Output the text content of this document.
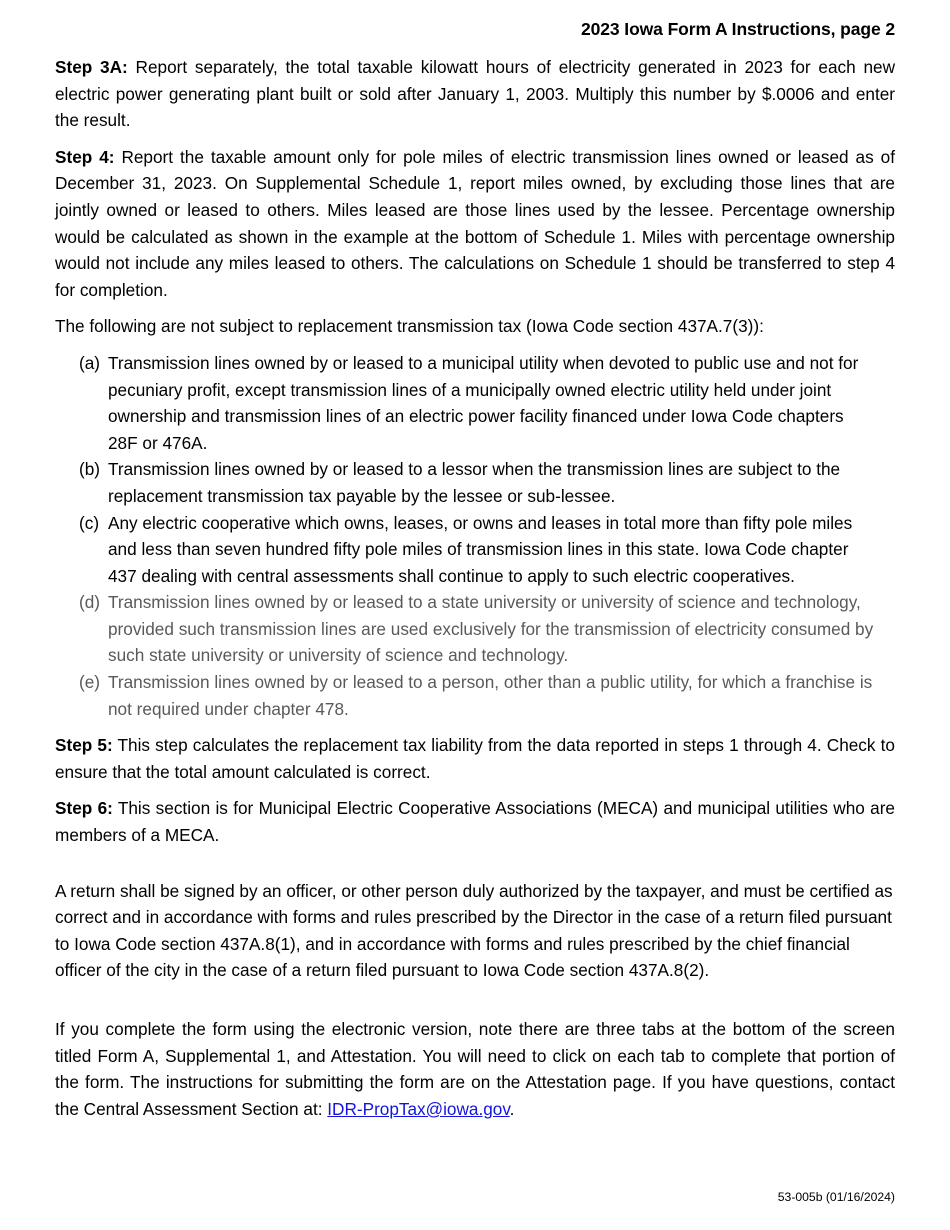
2023 Iowa Form A Instructions, page 2

Step 3A: Report separately, the total taxable kilowatt hours of electricity generated in 2023 for each new electric power generating plant built or sold after January 1, 2003. Multiply this number by $.0006 and enter the result.

Step 4: Report the taxable amount only for pole miles of electric transmission lines owned or leased as of December 31, 2023. On Supplemental Schedule 1, report miles owned, by excluding those lines that are jointly owned or leased to others. Miles leased are those lines used by the lessee. Percentage ownership would be calculated as shown in the example at the bottom of Schedule 1. Miles with percentage ownership would not include any miles leased to others. The calculations on Schedule 1 should be transferred to step 4 for completion.

The following are not subject to replacement transmission tax (Iowa Code section 437A.7(3)):

(a) Transmission lines owned by or leased to a municipal utility when devoted to public use and not for pecuniary profit, except transmission lines of a municipally owned electric utility held under joint ownership and transmission lines of an electric power facility financed under Iowa Code chapters 28F or 476A.
(b) Transmission lines owned by or leased to a lessor when the transmission lines are subject to the replacement transmission tax payable by the lessee or sub-lessee.
(c) Any electric cooperative which owns, leases, or owns and leases in total more than fifty pole miles and less than seven hundred fifty pole miles of transmission lines in this state. Iowa Code chapter 437 dealing with central assessments shall continue to apply to such electric cooperatives.
(d) Transmission lines owned by or leased to a state university or university of science and technology, provided such transmission lines are used exclusively for the transmission of electricity consumed by such state university or university of science and technology.
(e) Transmission lines owned by or leased to a person, other than a public utility, for which a franchise is not required under chapter 478.

Step 5: This step calculates the replacement tax liability from the data reported in steps 1 through 4. Check to ensure that the total amount calculated is correct.

Step 6: This section is for Municipal Electric Cooperative Associations (MECA) and municipal utilities who are members of a MECA.

A return shall be signed by an officer, or other person duly authorized by the taxpayer, and must be certified as correct and in accordance with forms and rules prescribed by the Director in the case of a return filed pursuant to Iowa Code section 437A.8(1), and in accordance with forms and rules prescribed by the chief financial officer of the city in the case of a return filed pursuant to Iowa Code section 437A.8(2).

If you complete the form using the electronic version, note there are three tabs at the bottom of the screen titled Form A, Supplemental 1, and Attestation. You will need to click on each tab to complete that portion of the form. The instructions for submitting the form are on the Attestation page. If you have questions, contact the Central Assessment Section at: IDR-PropTax@iowa.gov.

53-005b (01/16/2024)
